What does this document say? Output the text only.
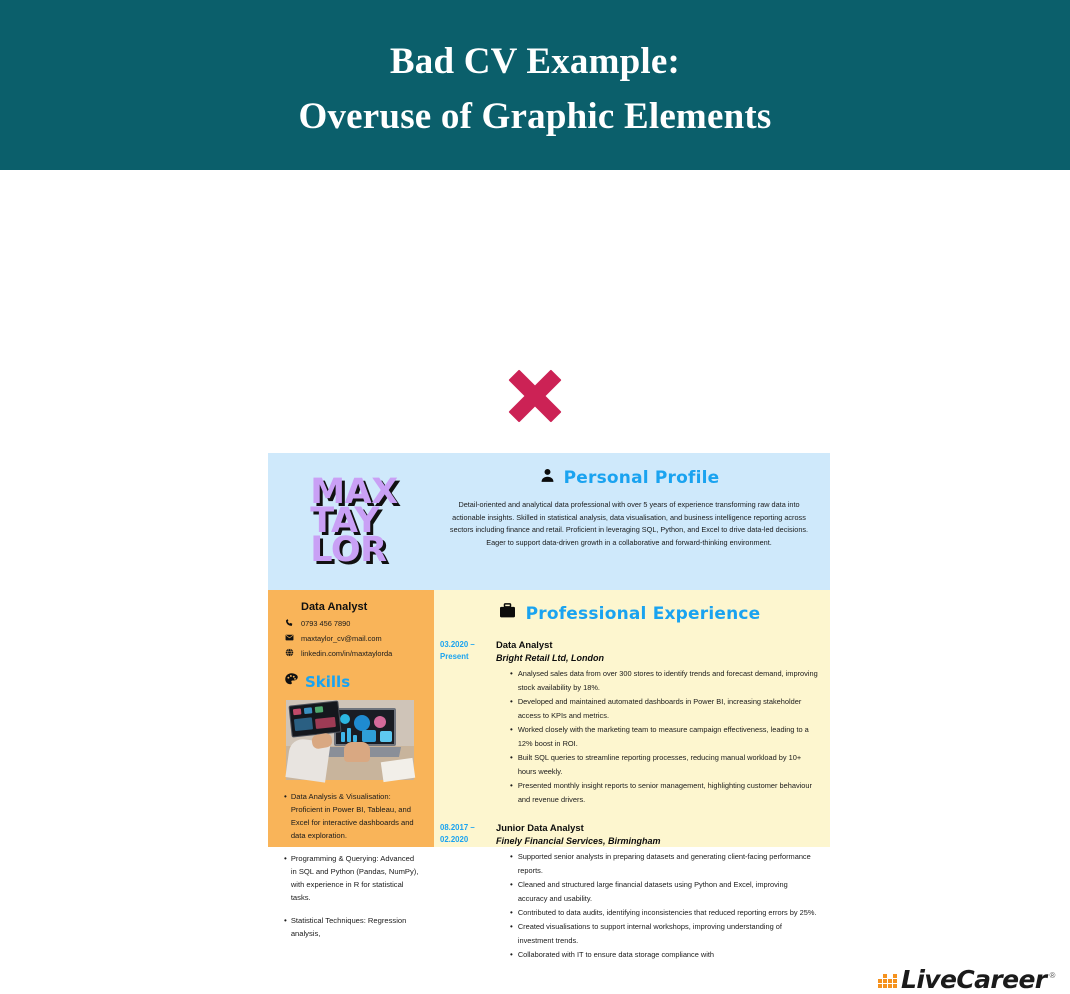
Bad CV Example:
Overuse of Graphic Elements
MAX
TAY
LOR
Personal Profile
Detail-oriented and analytical data professional with over 5 years of experience transforming raw data into actionable insights. Skilled in statistical analysis, data visualisation, and business intelligence reporting across sectors including finance and retail. Proficient in leveraging SQL, Python, and Excel to drive data-led decisions. Eager to support data-driven growth in a collaborative and forward-thinking environment.
Data Analyst
0793 456 7890
maxtaylor_cv@mail.com
linkedin.com/in/maxtaylorda
Skills
• Data Analysis & Visualisation: Proficient in Power BI, Tableau, and Excel for interactive dashboards and data exploration.
• Programming & Querying: Advanced in SQL and Python (Pandas, NumPy), with experience in R for statistical tasks.
• Statistical Techniques: Regression analysis,
Professional Experience
03.2020 –
Present
Data Analyst
Bright Retail Ltd, London
• Analysed sales data from over 300 stores to identify trends and forecast demand, improving stock availability by 18%.
• Developed and maintained automated dashboards in Power BI, increasing stakeholder access to KPIs and metrics.
• Worked closely with the marketing team to measure campaign effectiveness, leading to a 12% boost in ROI.
• Built SQL queries to streamline reporting processes, reducing manual workload by 10+ hours weekly.
• Presented monthly insight reports to senior management, highlighting customer behaviour and revenue drivers.
08.2017 –
02.2020
Junior Data Analyst
Finely Financial Services, Birmingham
• Supported senior analysts in preparing datasets and generating client-facing performance reports.
• Cleaned and structured large financial datasets using Python and Excel, improving accuracy and usability.
• Contributed to data audits, identifying inconsistencies that reduced reporting errors by 25%.
• Created visualisations to support internal workshops, improving understanding of investment trends.
• Collaborated with IT to ensure data storage compliance with
LiveCareer ®
